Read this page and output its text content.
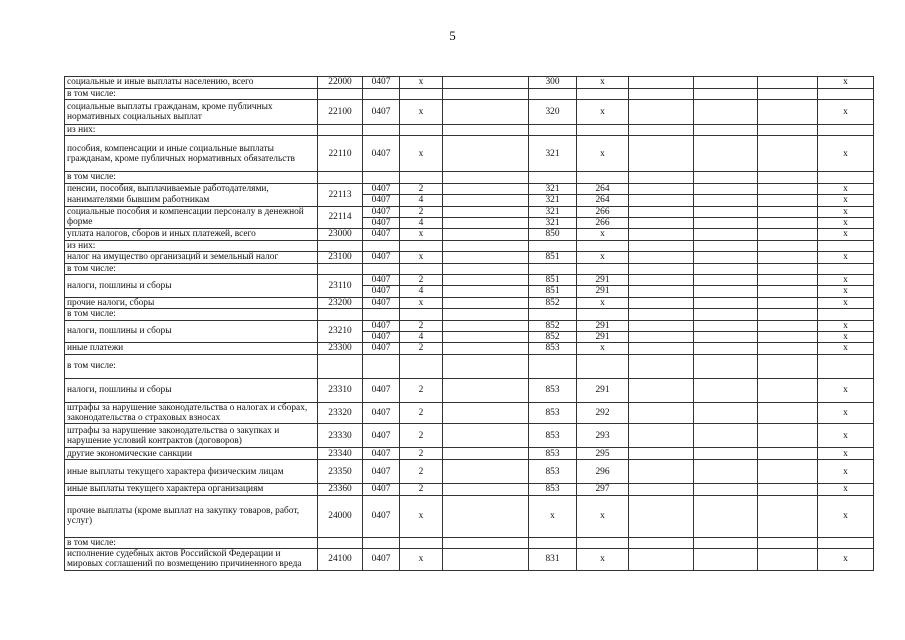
5
социальные и иные выплаты населению, всего	22000	0407	x		300	x				x
в том числе:										
социальные выплаты гражданам, кроме публичных нормативных социальных выплат	22100	0407	x		320	x				x
из них:										
пособия, компенсации и иные социальные выплаты гражданам, кроме публичных нормативных обязательств	22110	0407	x		321	x				x
в том числе:										
пенсии, пособия, выплачиваемые работодателями, нанимателями бывшим работникам	22113	0407	2		321	264				x
		0407	4		321	264				x
социальные пособия и компенсации персоналу в денежной форме	22114	0407	2		321	266				x
		0407	4		321	266				x
уплата налогов, сборов и иных платежей, всего	23000	0407	x		850	x				x
из них:										
налог на имущество организаций и земельный налог	23100	0407	x		851	x				x
в том числе:										
налоги, пошлины и сборы	23110	0407	2		851	291				x
		0407	4		851	291				x
прочие налоги, сборы	23200	0407	x		852	x				x
в том числе:										
налоги, пошлины и сборы	23210	0407	2		852	291				x
		0407	4		852	291				x
иные платежи	23300	0407	2		853	x				x
в том числе:										
налоги, пошлины и сборы	23310	0407	2		853	291				x
штрафы за нарушение законодательства о налогах и сборах, законодательства о страховых взносах	23320	0407	2		853	292				x
штрафы за нарушение законодательства о закупках и нарушение условий контрактов (договоров)	23330	0407	2		853	293				x
другие экономические санкции	23340	0407	2		853	295				x
иные выплаты текущего характера физическим лицам	23350	0407	2		853	296				x
иные выплаты текущего характера организациям	23360	0407	2		853	297				x
прочие выплаты (кроме выплат на закупку товаров, работ, услуг)	24000	0407	x		x	x				x
в том числе:										
исполнение судебных актов Российской Федерации и мировых соглашений по возмещению причиненного вреда	24100	0407	x		831	x				x
